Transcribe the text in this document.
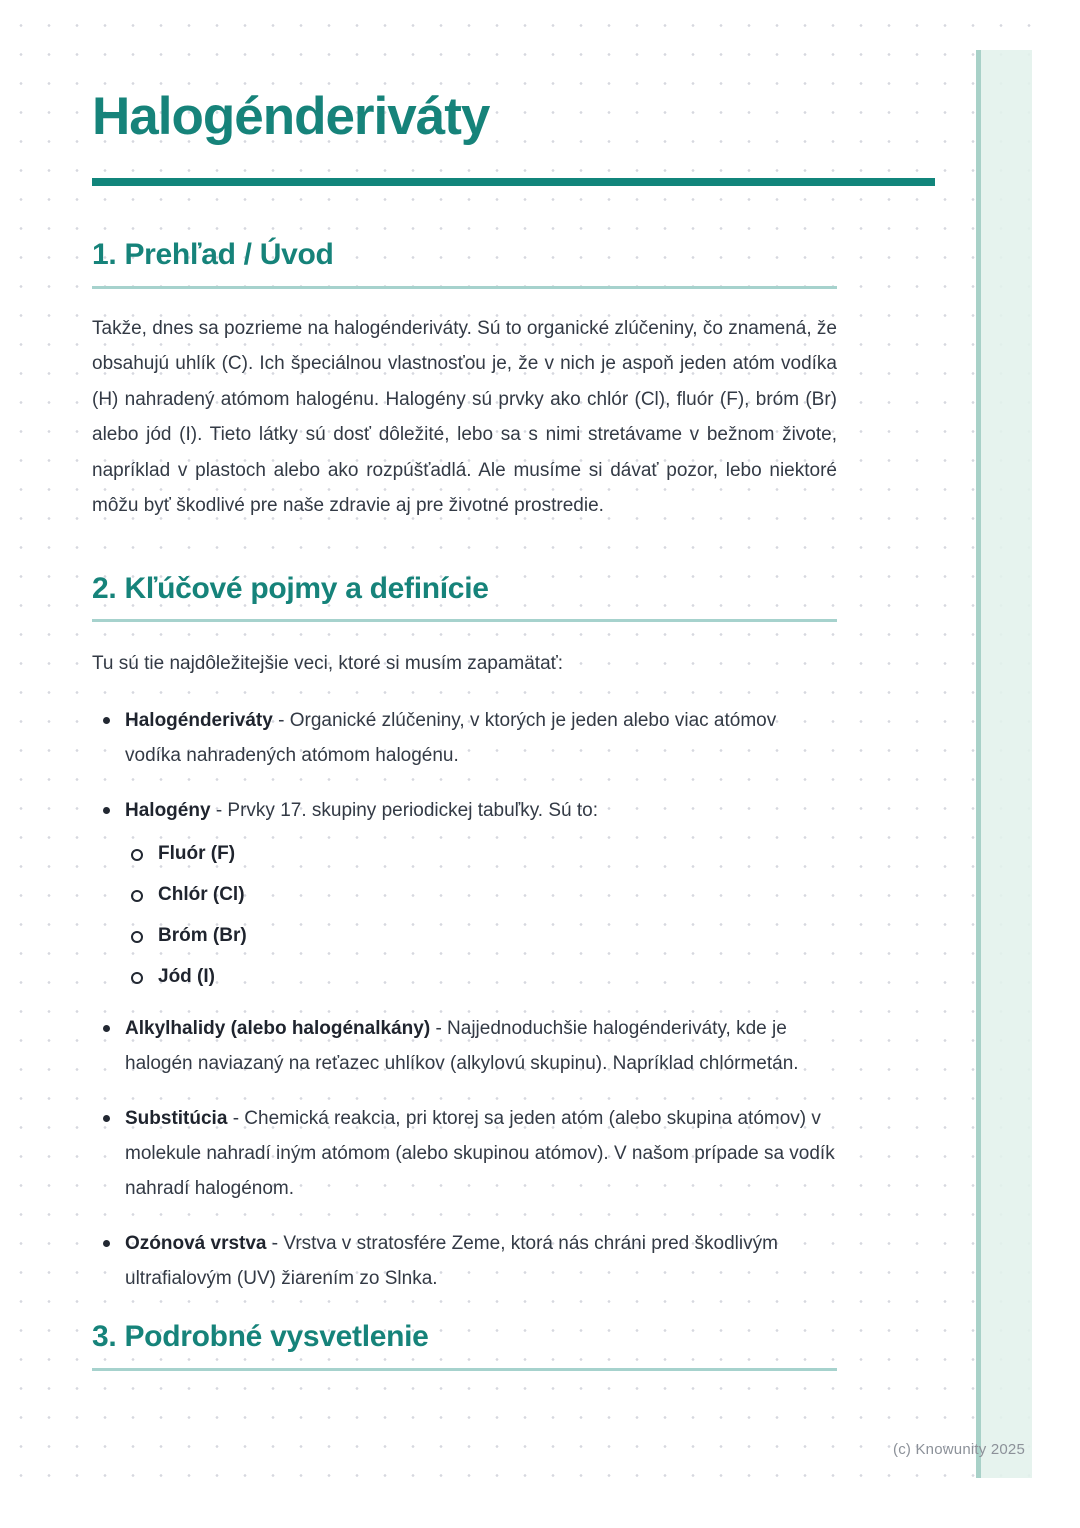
Halogénderiváty
1. Prehľad / Úvod

Takže, dnes sa pozrieme na halogénderiváty. Sú to organické zlúčeniny, čo znamená, že obsahujú uhlík (C). Ich špeciálnou vlastnosťou je, že v nich je aspoň jeden atóm vodíka (H) nahradený atómom halogénu. Halogény sú prvky ako chlór (Cl), fluór (F), bróm (Br) alebo jód (I). Tieto látky sú dosť dôležité, lebo sa s nimi stretávame v bežnom živote, napríklad v plastoch alebo ako rozpúšťadlá. Ale musíme si dávať pozor, lebo niektoré môžu byť škodlivé pre naše zdravie aj pre životné prostredie.

2. Kľúčové pojmy a definície

Tu sú tie najdôležitejšie veci, ktoré si musím zapamätať:

Halogénderiváty - Organické zlúčeniny, v ktorých je jeden alebo viac atómov vodíka nahradených atómom halogénu.
Halogény - Prvky 17. skupiny periodickej tabuľky. Sú to:
Fluór (F)
Chlór (Cl)
Bróm (Br)
Jód (I)
Alkylhalidy (alebo halogénalkány) - Najjednoduchšie halogénderiváty, kde je halogén naviazaný na reťazec uhlíkov (alkylovú skupinu). Napríklad chlórmetán.
Substitúcia - Chemická reakcia, pri ktorej sa jeden atóm (alebo skupina atómov) v molekule nahradí iným atómom (alebo skupinou atómov). V našom prípade sa vodík nahradí halogénom.
Ozónová vrstva - Vrstva v stratosfére Zeme, ktorá nás chráni pred škodlivým ultrafialovým (UV) žiarením zo Slnka.
3. Podrobné vysvetlenie
(c) Knowunity 2025
